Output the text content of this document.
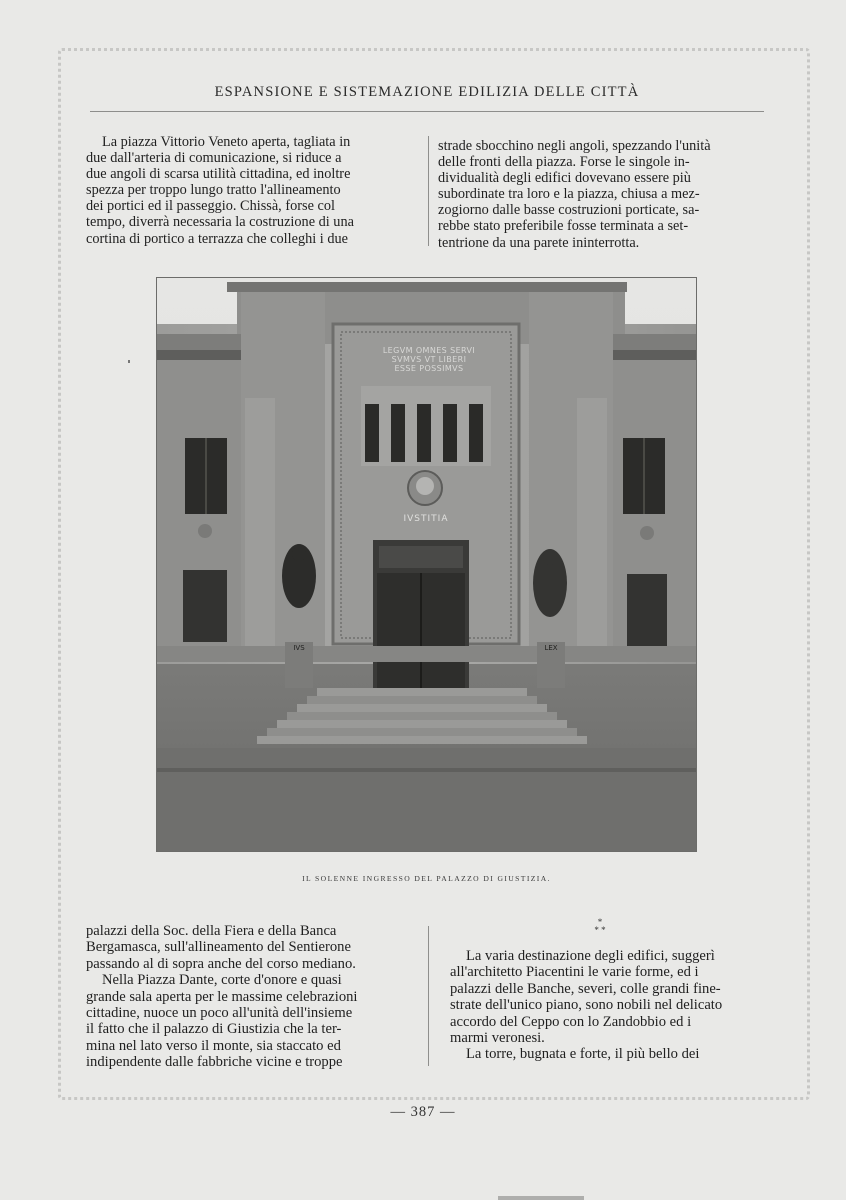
ESPANSIONE E SISTEMAZIONE EDILIZIA DELLE CITTÀ

La piazza Vittorio Veneto aperta, tagliata in

due dall'arteria di comunicazione, si riduce a

due angoli di scarsa utilità cittadina, ed inoltre

spezza per troppo lungo tratto l'allineamento

dei portici ed il passeggio. Chissà, forse col

tempo, diverrà necessaria la costruzione di una

cortina di portico a terrazza che colleghi i due

strade sbocchino negli angoli, spezzando l'unità

delle fronti della piazza. Forse le singole in-

dividualità degli edifici dovevano essere più

subordinate tra loro e la piazza, chiusa a mez-

zogiorno dalle basse costruzioni porticate, sa-

rebbe stato preferibile fosse terminata a set-

tentrione da una parete ininterrotta.

LEGVM OMNES SERVI
SVMVS VT LIBERI
ESSE POSSIMVS
IVSTITIA
IVS	LEX
IL SOLENNE INGRESSO DEL PALAZZO DI GIUSTIZIA.

palazzi della Soc. della Fiera e della Banca

Bergamasca, sull'allineamento del Sentierone

passando al di sopra anche del corso mediano.

Nella Piazza Dante, corte d'onore e quasi

grande sala aperta per le massime celebrazioni

cittadine, nuoce un poco all'unità dell'insieme

il fatto che il palazzo di Giustizia che la ter-

mina nel lato verso il monte, sia staccato ed

indipendente dalle fabbriche vicine e troppe

*
* *

La varia destinazione degli edifici, suggerì

all'architetto Piacentini le varie forme, ed i

palazzi delle Banche, severi, colle grandi fine-

strate dell'unico piano, sono nobili nel delicato

accordo del Ceppo con lo Zandobbio ed i

marmi veronesi.

La torre, bugnata e forte, il più bello dei

— 387 —
